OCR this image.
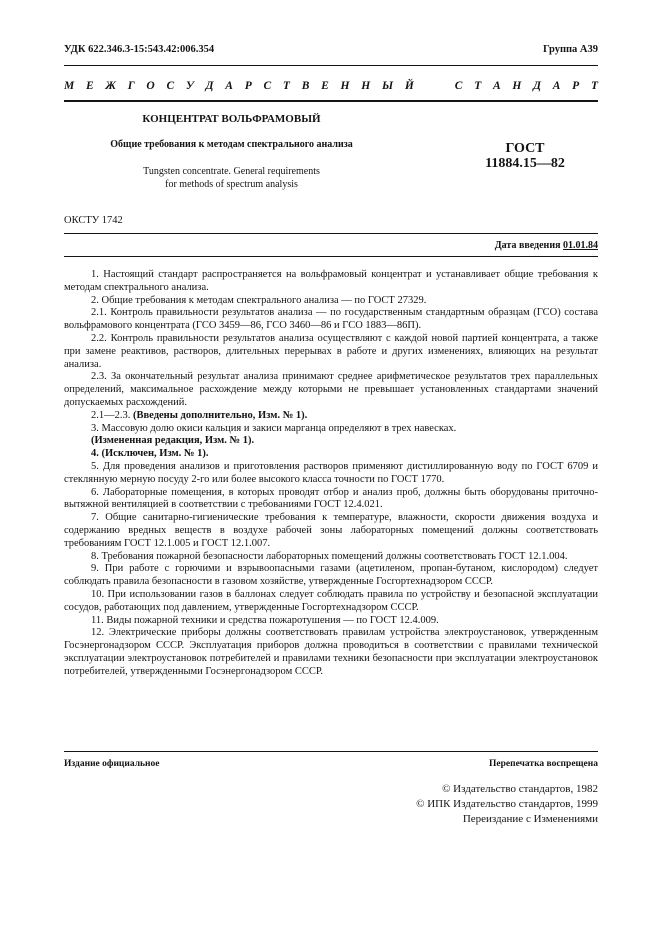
УДК 622.346.3-15:543.42:006.354	Группа А39
М Е Ж Г О С У Д А Р С Т В Е Н Н Ы Й

	С Т А Н Д А Р Т
КОНЦЕНТРАТ ВОЛЬФРАМОВЫЙ
Общие требования к методам спектрального анализа
Tungsten concentrate. General requirements
for methods of spectrum analysis
ГОСТ
11884.15—82
ОКСТУ 1742
Дата введения 01.01.84

1. Настоящий стандарт распространяется на вольфрамовый концентрат и устанавливает общие требования к методам спектрального анализа.

2. Общие требования к методам спектрального анализа — по ГОСТ 27329.

2.1. Контроль правильности результатов анализа — по государственным стандартным образцам (ГСО) состава вольфрамового концентрата (ГСО 3459—86, ГСО 3460—86 и ГСО 1883—86П).

2.2. Контроль правильности результатов анализа осуществляют с каждой новой партией концентрата, а также при замене реактивов, растворов, длительных перерывах в работе и других изменениях, влияющих на результат анализа.

2.3. За окончательный результат анализа принимают среднее арифметическое результатов трех параллельных определений, максимальное расхождение между которыми не превышает установленных стандартами значений допускаемых расхождений.

2.1—2.3. (Введены дополнительно, Изм. № 1).

3. Массовую долю окиси кальция и закиси марганца определяют в трех навесках.

(Измененная редакция, Изм. № 1).

4. (Исключен, Изм. № 1).

5. Для проведения анализов и приготовления растворов применяют дистиллированную воду по ГОСТ 6709 и стеклянную мерную посуду 2-го или более высокого класса точности по ГОСТ 1770.

6. Лабораторные помещения, в которых проводят отбор и анализ проб, должны быть оборудованы приточно-вытяжной вентиляцией в соответствии с требованиями ГОСТ 12.4.021.

7. Общие санитарно-гигиенические требования к температуре, влажности, скорости движения воздуха и содержанию вредных веществ в воздухе рабочей зоны лабораторных помещений должны соответствовать требованиям ГОСТ 12.1.005 и ГОСТ 12.1.007.

8. Требования пожарной безопасности лабораторных помещений должны соответствовать ГОСТ 12.1.004.

9. При работе с горючими и взрывоопасными газами (ацетиленом, пропан-бутаном, кислородом) следует соблюдать правила безопасности в газовом хозяйстве, утвержденные Госгортехнадзором СССР.

10. При использовании газов в баллонах следует соблюдать правила по устройству и безопасной эксплуатации сосудов, работающих под давлением, утвержденные Госгортехнадзором СССР.

11. Виды пожарной техники и средства пожаротушения — по ГОСТ 12.4.009.

12. Электрические приборы должны соответствовать правилам устройства электроустановок, утвержденным Госэнергонадзором СССР. Эксплуатация приборов должна проводиться в соответствии с правилами технической эксплуатации электроустановок потребителей и правилами техники безопасности при эксплуатации электроустановок потребителей, утвержденными Госэнергонадзором СССР.

Издание официальное	Перепечатка воспрещена
© Издательство стандартов, 1982
© ИПК Издательство стандартов, 1999
Переиздание с Изменениями
